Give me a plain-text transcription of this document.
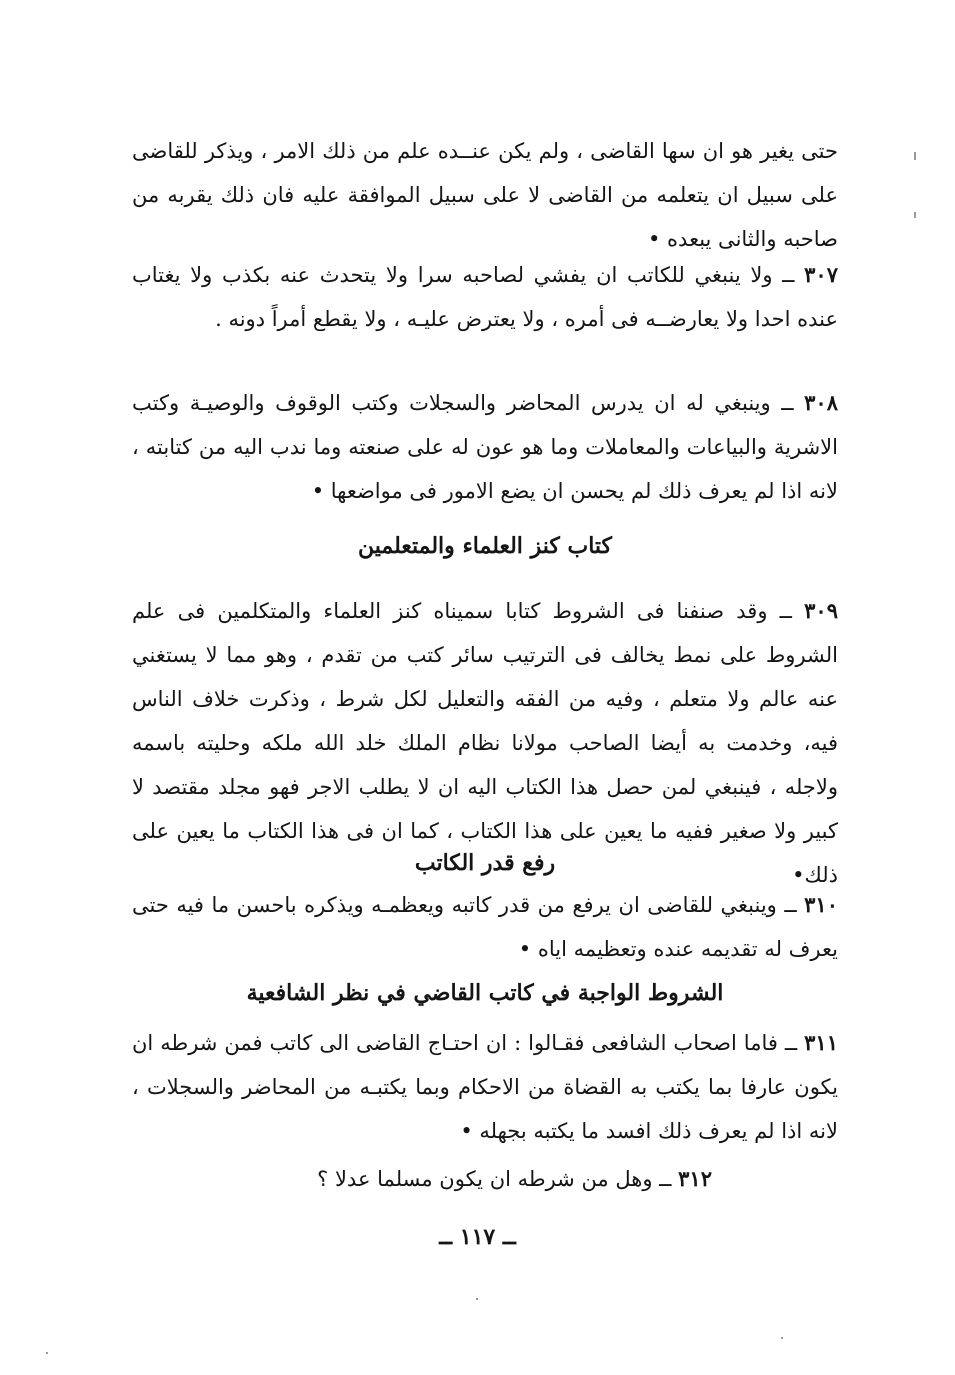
حتى يغير هو ان سها القاضى ، ولم يكن عنــده علم من ذلك الامر ، ويذكر للقاضى على سبيل ان يتعلمه من القاضى لا على سبيل الموافقة عليه فان ذلك يقربه من صاحبه والثانى يبعده •

٣٠٧ ــ ولا ينبغي للكاتب ان يفشي لصاحبه سرا ولا يتحدث عنه بكذب ولا يغتاب عنده احدا ولا يعارضــه فى أمره ، ولا يعترض عليـه ، ولا يقطع أمراً دونه .

٣٠٨ ــ وينبغي له ان يدرس المحاضر والسجلات وكتب الوقوف والوصيـة وكتب الاشرية والبياعات والمعاملات وما هو عون له على صنعته وما ندب اليه من كتابته ، لانه اذا لم يعرف ذلك لم يحسن ان يضع الامور فى مواضعها •

كتاب كنز العلماء والمتعلمين

٣٠٩ ــ وقد صنفنا فى الشروط كتابا سميناه كنز العلماء والمتكلمين فى علم الشروط على نمط يخالف فى الترتيب سائر كتب من تقدم ، وهو مما لا يستغني عنه عالم ولا متعلم ، وفيه من الفقه والتعليل لكل شرط ، وذكرت خلاف الناس فيه، وخدمت به أيضا الصاحب مولانا نظام الملك خلد الله ملكه وحليته باسمه ولاجله ، فينبغي لمن حصل هذا الكتاب اليه ان لا يطلب الاجر فهو مجلد مقتصد لا كبير ولا صغير ففيه ما يعين على هذا الكتاب ، كما ان فى هذا الكتاب ما يعين على ذلك•

رفع قدر الكاتب

٣١٠ ــ وينبغي للقاضى ان يرفع من قدر كاتبه ويعظمـه ويذكره باحسن ما فيه حتى يعرف له تقديمه عنده وتعظيمه اياه •

الشروط الواجبة في كاتب القاضي في نظر الشافعية

٣١١ ــ فاما اصحاب الشافعى فقـالوا : ان احتـاج القاضى الى كاتب فمن شرطه ان يكون عارفا بما يكتب به القضاة من الاحكام وبما يكتبـه من المحاضر والسجلات ، لانه اذا لم يعرف ذلك افسد ما يكتبه بجهله •

٣١٢ ــ وهل من شرطه ان يكون مسلما عدلا ؟

ــ ١١٧ ــ
